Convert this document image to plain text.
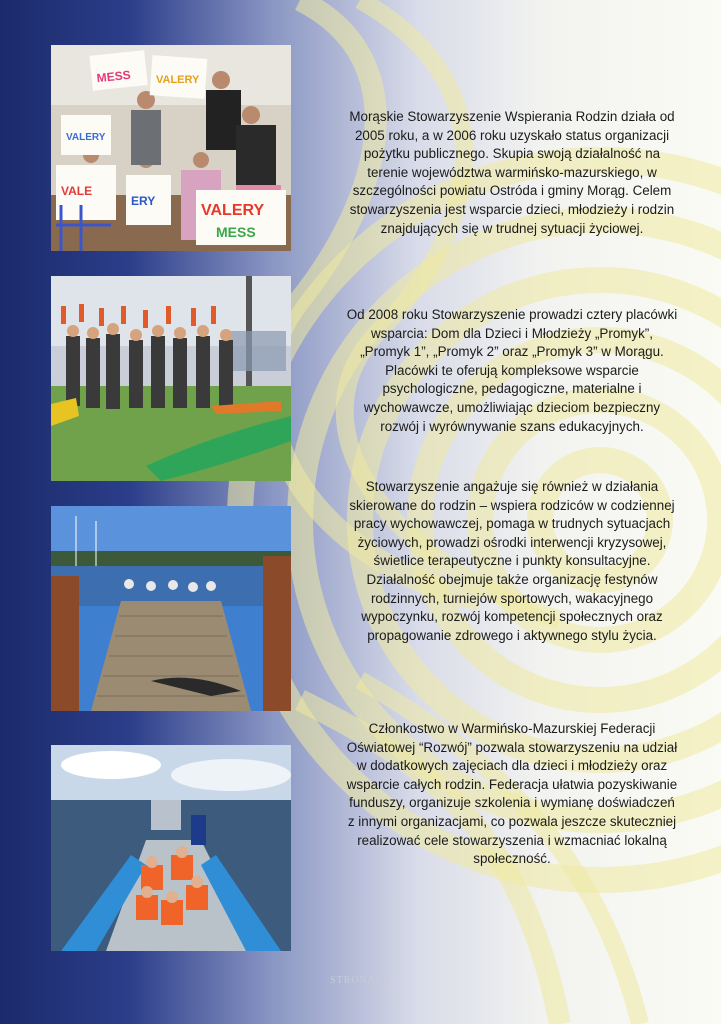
MESS VALERY
VALERY
VALE
ERY
VALERY
MESS
Morąskie Stowarzyszenie Wspierania Rodzin działa od 2005 roku, a w 2006 roku uzyskało status organizacji pożytku publicznego. Skupia swoją działalność na terenie województwa warmińsko-mazurskiego, w szczególności powiatu Ostróda i gminy Morąg. Celem stowarzyszenia jest wsparcie dzieci, młodzieży i rodzin znajdujących się w trudnej sytuacji życiowej.
Od 2008 roku Stowarzyszenie prowadzi cztery placówki wsparcia: Dom dla Dzieci i Młodzieży „Promyk”, „Promyk 1”, „Promyk 2” oraz „Promyk 3” w Morągu. Placówki te oferują kompleksowe wsparcie psychologiczne, pedagogiczne, materialne i wychowawcze, umożliwiając dzieciom bezpieczny rozwój i wyrównywanie szans edukacyjnych.
Stowarzyszenie angażuje się również w działania skierowane do rodzin – wspiera rodziców w codziennej pracy wychowawczej, pomaga w trudnych sytuacjach życiowych, prowadzi ośrodki interwencji kryzysowej, świetlice terapeutyczne i punkty konsultacyjne. Działalność obejmuje także organizację festynów rodzinnych, turniejów sportowych, wakacyjnego wypoczynku, rozwój kompetencji społecznych oraz propagowanie zdrowego i aktywnego stylu życia.
Członkostwo w Warmińsko-Mazurskiej Federacji Oświatowej “Rozwój” pozwala stowarzyszeniu na udział w dodatkowych zajęciach dla dzieci i młodzieży oraz wsparcie całych rodzin. Federacja ułatwia pozyskiwanie funduszy, organizuje szkolenia i wymianę doświadczeń z innymi organizacjami, co pozwala jeszcze skuteczniej realizować cele stowarzyszenia i wzmacniać lokalną społeczność.
STRONA 15
